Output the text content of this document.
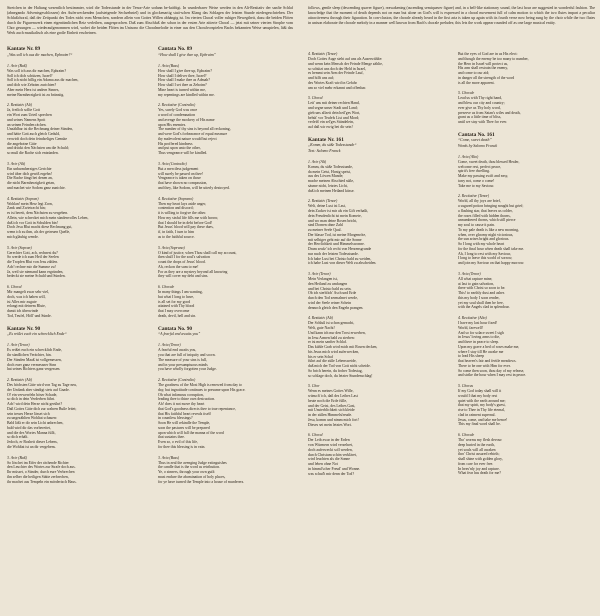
Streichen in der Haltung wesentlich bestimmter, wird die Todesstunde in der Tenor-Arie sodann be-kräftigt. In wunderbarer Weise werden in den Alt-Rezitativ der sanfte Schlaf (abnegando Adventsgeschlossen) des Auferweckenden (aufsteigende Sechzehntel) und in glockenartig stati-schen Klang das Schlagen der letzten Stunde niedergeschrieben. Der Schlußchoral, daß der Zeitpunkt des Todes nicht vom Menschen, sondern allein von Gottes Willen abhängig ist. Im vierten Choral voller ruhiger Bewegtheit, dazu die beiden Flöten durch ihr Figurenwerk einen eigentümlichen Reiz verleihen, ausgesprochen. Daß zum Abschluß der schon in der ersten Arie zitierte Choral — jetzt mit seiner vierten Strophe vom Chor gesungen — wiederaufgenommen wird, wobei die beiden Flöten im Unisono die Choralmelodie in einer aus den Choralvorspielen Bachs bekannten Weise umspielen, läßt das Werk auch musikalisch als eine große Einheit erscheinen.
follows, gentle sleep (descending quaver figure), reawakening (ascending semiquaver figure) and, in a bell-like stationary sound, the last hour are suggested in wonderful fashion. The knowledge that the moment of death depends not on man but alone on God's will is expressed in a choral movement full of calm motion to which the two flutes impart a peculiar attractiveness through their figuration. In con-clusion, the chorale already heard in the first aria is taken up again with its fourth verse now being sung by the choir while the two flutes in unison elaborate the chorale melody in a manner well known from Bach's chorale preludes; this lets the work appear rounded off as one large musical entity.
Kantate Nr. 89
„Was soll ich aus dir machen, Ephraim?“
1. Arie (Baß)
Was soll ich aus dir machen, Ephraim?
Soll ich dich schützen, Israel?
Soll ich nicht billig ein Adama aus dir machen,
und dich wie Zeboim zurichten?
Aber mein Herz ist andern Sinnes,
meine Barmherzigkeit ist zu brünstig.
2. Rezitativ (Alt)
Ja, freilich sollte Gott
ein Wort zum Urteil sprechen
und seines Namens Spott
an seinen Feinden rächen.
Unzählbar ist die Rechnung deiner Sünden,
und hätte Gott auch gleich Geduld,
verwirft doch dein feindseliges Gemüte
die angebotne Güte
und drückt den Nächsten um die Schuld;
so muß die Rache sich entzünden.
3. Arie (Alt)
Ein unbarmherziges Gerichte
wird über dich gewiß ergehn!
Die Rache fängt bei denen an,
die nicht Barmherzigkeit getan,
und machet wie Sodom ganz zunichte.
4. Rezitativ (Sopran)
Wohlan! mein Herz legt Zorn,
Zank und Zwietracht hin;
es ist bereit, dem Nächsten zu vergeben.
Allein, wie schrecket mich mein sündenvolles Leben,
daß ich vor Gott in Schulden bin!
Doch Jesu Blut macht diese Rechnung gut,
wenn ich zu ihm, als der getreuen Quelle,
mich gläubig wende.
5. Arie (Sopran)
Gerechter Gott, ach, rechnest du?
So werde ich zum Heil der Seelen
die Tropfen Blut von Jesu zählen.
Ach! rechne mir die Summe zu!
Ja, weil sie niemand kann ergründen,
bedeckt sie meine Schuld und Sünden.
6. Choral
Mir mangelt zwar sehr viel,
doch, was ich haben will,
ist Alles mir zugute
erlangt mit deinem Blute,
damit ich überwinde
Tod, Teufel, Höll' und Sünde.
Kantate Nr. 90
„Es reißet euch ein schrecklich Ende“
1. Arie (Tenor)
Es reißet euch ein schrecklich Ende,
ihr sündlichen Verächter, hin.
Der Sünden Maaß ist vollgemessen,
doch euer ganz vermessner Sinn
hat seines Richters ganz vergessen.
2. Rezitativ (Alt)
Des höchsten Güte wird von Tag zu Tage neu,
der Undank aber sündigt stets auf Gnade.
O! ein verwerrfeln böser Schade,
so dich in dein Verderben führt.
Ach! wird dein Herze nicht gerührt?
Daß Gottes Güte dich zur wahren Buße leitet;
sein treues Herze lässet sich
zu ungezählten Wohltat schauen:
Bald läßt er dir sein Licht anbrechen,
bald wird dir das vorbereitet,
und die des Wortes Manna füllt,
so dich erhält.
Jedoch, er Bosheit dieser Lebens,
die Wohltat ist an dir vergebens.
3. Arie (Baß)
So löschet im Eifer der rächende Richter
den Leuchter des Wortes zur Strafe doch aus.
Ihr müsset, o Sünder, durch eure Verbrechen
ihn selber die heiligen Stätte zerbrechen,
ihr machet aus Tempeln ein mörderisch Haus.
Cantata No. 89
“How shall I give thee up, Ephraim”
1. Aria (Bass)
How shall I give thee up, Ephraim?
How shall I deliver thee, Israel?
How shall I make thee as Admah?
How shall I set thee as Zeboim?
Mine heart is turned within me,
my repentings are kindled within me.
2. Recitative (Contralto)
Yes, surely God was once
a word of condemnation
and avenge the mockery of His name
upon His enemies.
The number of thy sins is beyond all reckoning,
and were God's forbearance of equal measure
thy malevolent nature would but reject
His proffered kindness
and put upon unto the other,
Thus vengeance will be kindled.
3. Aria (Contralto)
But a merciless judgement
will surely be passed on thee!
Vengeance is taken on those
that have shown no compassion,
and they, like Sodom, will be utterly destroyed.
4. Recitative (Soprano)
Then my heart lays aside anger,
contention and discord;
it is willing to forgive the other.
How my sinful life fills me with horror,
that I should be in debt before God!
But Jesus' blood will pay these dues,
if, in faith, I turn to him
as to the faithful source.
5. Aria (Soprano)
O kind of justice, when Thou shall call my account,
then shall I for the soul's salvation
count the drops of Jesus' blood.
Ah, reckon the sum to me!
For as they are a mystery beyond all knowing
they will cover my debt and sins.
6. Chorale
In many things I am wanting,
but what I long to have,
is all set for my good
attained with Thy blood
that I may overcome
death, devil, hell and sin.
Cantata No. 90
“A fearful end awaits you”
1. Aria (Tenor)
A fearful end awaits you,
you that are full of iniquity and scorn.
The measure of your sins is full,
and in your presumptuous minds
you have wholly forgotten your Judge.
2. Recitative (Contralto)
The goodness of the Most High is renewed from day to
day, but ingratitude continues to presume upon His grace.
Oh what infamous corruption,
leading thee to thine own destruction.
Ah! does it not move thy heart
that God's goodness directs thee to true repentance,
that His faithful heart reveals itself
in countless blessings?
Soon He will rekindle the Temple,
soon the pastures will be prepared
upon which will fall the manna of the word
that sustains thee.
Even so, o evil of this life,
for thee this blessing is in vain.
3. Aria (Bass)
Thus in zeal the avenging Judge extinguishes
the candle that is the word as retribution.
Ye, o sinners, through your own guilt
must endure the abomination of holy places,
for ye have turned the Temple into a house of murderers.
4. Rezitativ (Tenor)
Doch Gottes Auge sieht auf uns als Auserwählte:
und wenn kein Mensch der Feinde Menge zählte,
so schützt uns doch der Held in Israel,
es hemmt sein Arm der Feinde Lauf,
und hilft uns auf;
des Wortes Kraft wird in Gefahr
um so viel mehr erkannt und offenbar.
5. Choral
Leit' uns mit deiner rechten Hand,
und segne unser Stadt und Land;
gieb uns allzeit dein heil'ges Wort,
behüt' vor Teufels List und Mord;
verleih' ein sel'ges Stündelein,
auf daß wir ewig bei dir sein!
Kantate Nr. 161
„Komm, du süße Todesstunde“
Text: Salomo Franck
1. Arie (Alt)
Komm, du süße Todesstunde,
da mein Geist, Honig speist,
aus des Löwen Munde;
mache meinen Abschied süße,
säume nicht, letztes Licht,
daß ich meinen Heiland küsse.
2. Rezitativ (Tenor)
Welt, deine Lust ist Last,
dein Zucker ist mir als ein Gift verhaßt,
dein Freudenlicht ist mein Komete,
und wo man deine Rosen bricht,
sind Dornen ohne Zahl
zu meiner Seele Qual.
Der blasse Tod, ist meine Morgenröte,
mit selbiger geht mir auf die Sonne
der Herrlichkeit und Himmelswonne.
Drum seufz' ich recht von Herzensgrunde
nur nach der letzten Todesstunde.
Ich habe Lust bei Christo bald zu weiden,
ich habe Lust von dieser Welt zu abscheiden.
3. Arie (Tenor)
Mein Verlangen ist,
den Heiland zu umfangen
und bei Christo bald zu sein.
Ob ich sterblich' Asch und Erde
durch den Tod zermalmet werde,
wird der Seele reiner Schein
dennoch gleich den Engeln prangen.
4. Rezitativ (Alt)
Der Schluß ist schon gemacht,
Welt, gute Nacht!
Und kann ich nur den Trost erwerben,
in Jesu Armen bald zu sterben:
er ist mein sanfter Schlaf.
Das kühle Grab wird mich mit Rosen decken,
bis Jesus mich wird auferwecken,
bis er sein Schaf
führt auf die süße Lebensweide,
daß mich der Tod von Gott nicht scheide.
So brich herein, du froher Todestag,
so schlage doch, du letzter Stundenschlag!
5. Chor
Wenn es meines Gottes Wille,
wünsch' ich, daß des Leibes Last
heute noch die Erde fülle,
und der Geist, des Leibes Gast,
mit Unsterblichkeit sich kleide
in der süßen Himmelsfreude.
Jesu, komm und nimm mich fort!
Dieses sei mein letztes Wort.
6. Choral
Der Leib zwar in der Erden
von Würmern wird verzehret,
doch auferweckt soll werden,
durch Christum schön verkläret,
wird leuchten als die Sonne
und leben ohne Not
in himml'scher Freud' und Wonne.
was schad't mir denn der Tod?
But the eyes of God are in us His elect:
and though the enemy be too many to number,
the Hero in Israel will protect us,
His arm shall restrain the enemy,
and come to our aid;
in danger all the strength of the word
is all the more apparent.
5. Chorale
Lead us with Thy right hand,
and bless our city and country;
ever give us Thy holy word,
preserve us from Satan's wiles and death,
grant us a little time of bliss,
until we stay with Thee for ever.
Cantata No. 161
“Come, sweet death”
Words by Salomo Franck
1. Aria (Alto)
Come, sweet death, thou blessed Healer,
welcome rest, perfect peace,
spirit's free dwelling.
Make my passing swift and easy,
tarry not, come o come!
Take me to my Saviour.
2. Recitative (Tenor)
World, all thy joys are brief,
a sugared potion bringing nought but grief;
a flashing star, that leaves us colder,
the roses filled with hidden thorns,
unnumbered thorns, which still pierce
my soul to cause it pain.
To my pale death is like a new morning,
when, over gloomy night victorious,
the sun arises bright and glorious.
So I long with my whole heart
for the final hour when death shall take me.
Ah, I long to rest with my Saviour,
I long to leave this world of sorrow,
and join my Saviour on that happy morrow.
3. Aria (Tenor)
All what rapture mine,
at last to gain salvation,
there with Christ so soon to be.
This! to earthly dust and ashes
this my body I soon render,
yet my soul shall then be free,
with the Angels clad in splendour.
4. Recitative (Alto)
I have my last hour fixed!
World, farewell!
And so for solace sweet I sigh
in Jesus' loving arms to die,
and there in peace to sleep.
Upon my grave a bed of roses make me,
where I stay till He awake me
to lead His sheep
that heaven's fair and fertile meadows.
There to be one with Him for ever.
So come then soon, thou day of my release,
and strike the hour when I may rest in peace.
5. Chorus
If my God today shall will it
would I that my body rest
quiet with the earth around me;
that my spirit, my body's guest,
rise to Thee in Thy life eternal,
clad in raiment supernal.
Jesus, come, and take me hence!
This my final word shall be.
6. Chorale
Tho' worms my flesh devour
deep buried in the earth,
yet souls will all awaken
thro' Christ assured rebirth;
shall shine with golden glory,
from care for ever free.
In heav'nly joy and rapture.
What fear has death for me?
